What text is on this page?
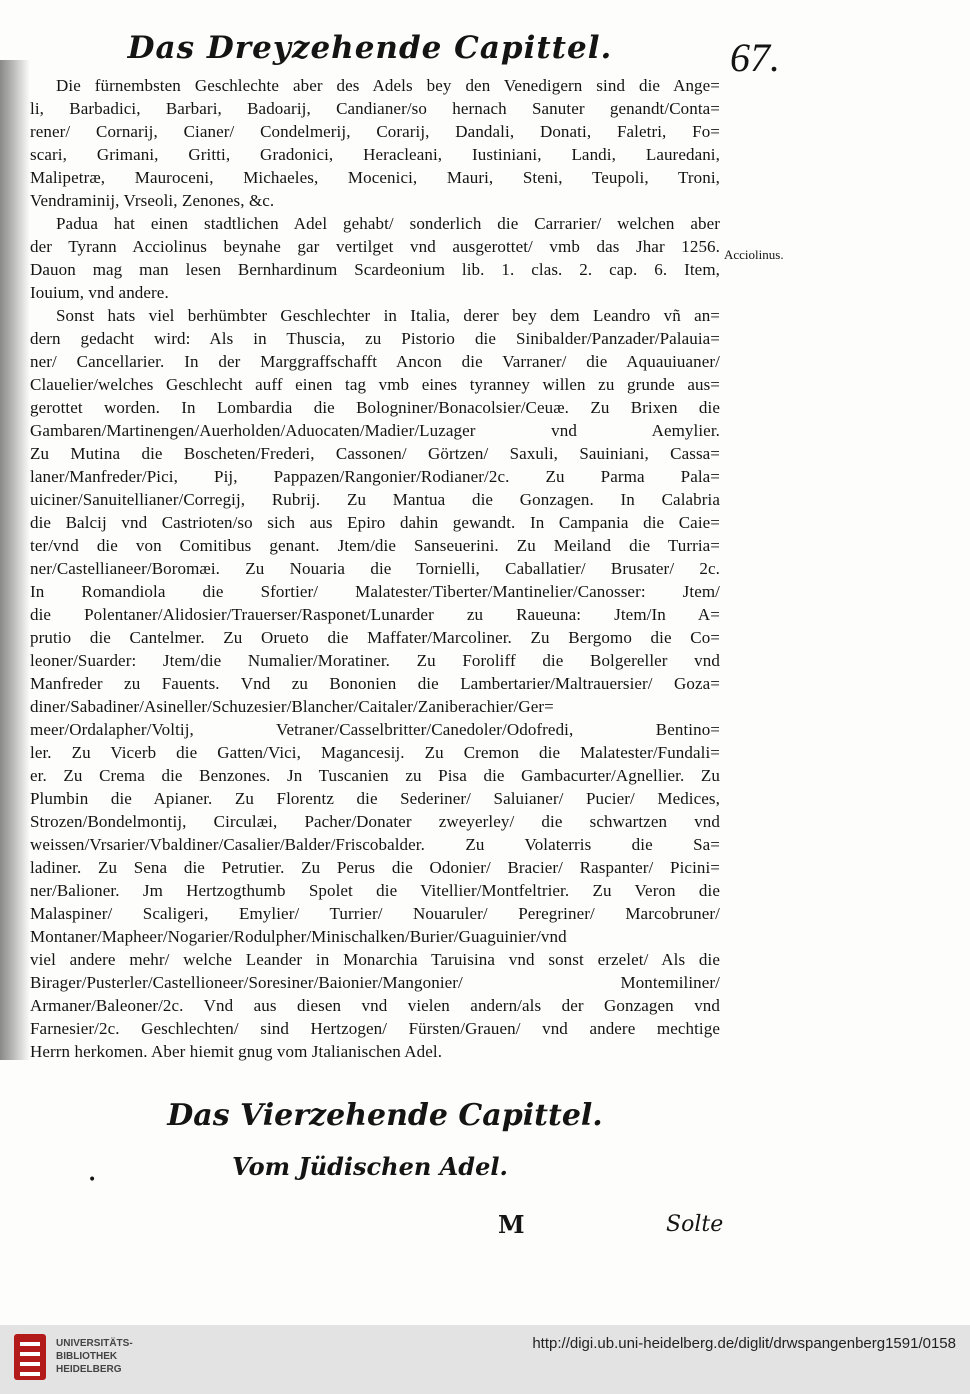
Das Dreyzehende Capittel.	67.
Die fürnembsten Geschlechte aber des Adels bey den Venedigern sind die Ange=
li, Barbadici, Barbari, Badoarij, Candianer/so hernach Sanuter genandt/Conta=
rener/ Cornarij, Cianer/ Condelmerij, Corarij, Dandali, Donati, Faletri, Fo=
scari, Grimani, Gritti, Gradonici, Heracleani, Iustiniani, Landi, Lauredani,
Malipetræ, Mauroceni, Michaeles, Mocenici, Mauri, Steni, Teupoli, Troni,
Vendraminij, Vrseoli, Zenones, &c.
Padua hat einen stadtlichen Adel gehabt/ sonderlich die Carrarier/ welchen aber
der Tyrann Acciolinus beynahe gar vertilget vnd ausgerottet/ vmb das Jhar 1256.
Dauon mag man lesen Bernhardinum Scardeonium lib. 1. clas. 2. cap. 6. Item,
Iouium, vnd andere.
Sonst hats viel berhümbter Geschlechter in Italia, derer bey dem Leandro vñ an=
dern gedacht wird: Als in Thuscia, zu Pistorio die Sinibalder/Panzader/Palauia=
ner/ Cancellarier. In der Marggraffschafft Ancon die Varraner/ die Aquauiuaner/
Clauelier/welches Geschlecht auff einen tag vmb eines tyranney willen zu grunde aus=
gerottet worden. In Lombardia die Bologniner/Bonacolsier/Ceuæ. Zu Brixen die
Gambaren/Martinengen/Auerholden/Aduocaten/Madier/Luzager vnd Aemylier.
Zu Mutina die Boscheten/Frederi, Cassonen/ Görtzen/ Saxuli, Sauiniani, Cassa=
laner/Manfreder/Pici, Pij, Pappazen/Rangonier/Rodianer/2c. Zu Parma Pala=
uiciner/Sanuitellianer/Corregij, Rubrij. Zu Mantua die Gonzagen. In Calabria
die Balcij vnd Castrioten/so sich aus Epiro dahin gewandt. In Campania die Caie=
ter/vnd die von Comitibus genant. Jtem/die Sanseuerini. Zu Meiland die Turria=
ner/Castellianeer/Boromæi. Zu Nouaria die Tornielli, Caballatier/ Brusater/ 2c.
In Romandiola die Sfortier/ Malatester/Tiberter/Mantinelier/Canosser: Jtem/
die Polentaner/Alidosier/Trauerser/Rasponet/Lunarder zu Raueuna: Jtem/In A=
prutio die Cantelmer. Zu Orueto die Maffater/Marcoliner. Zu Bergomo die Co=
leoner/Suarder: Jtem/die Numalier/Moratiner. Zu Foroliff die Bolgereller vnd
Manfreder zu Fauents. Vnd zu Bononien die Lambertarier/Maltrauersier/ Goza=
diner/Sabadiner/Asineller/Schuzesier/Blancher/Caitaler/Zaniberachier/Ger=
meer/Ordalapher/Voltij, Vetraner/Casselbritter/Canedoler/Odofredi, Bentino=
ler. Zu Vicerb die Gatten/Vici, Magancesij. Zu Cremon die Malatester/Fundali=
er. Zu Crema die Benzones. Jn Tuscanien zu Pisa die Gambacurter/Agnellier. Zu
Plumbin die Apianer. Zu Florentz die Sederiner/ Saluianer/ Pucier/ Medices,
Strozen/Bondelmontij, Circulæi, Pacher/Donater zweyerley/ die schwartzen vnd
weissen/Vrsarier/Vbaldiner/Casalier/Balder/Friscobalder. Zu Volaterris die Sa=
ladiner. Zu Sena die Petrutier. Zu Perus die Odonier/ Bracier/ Raspanter/ Picini=
ner/Balioner. Jm Hertzogthumb Spolet die Vitellier/Montfeltrier. Zu Veron die
Malaspiner/ Scaligeri, Emylier/ Turrier/ Nouaruler/ Peregriner/ Marcobruner/
Montaner/Mapheer/Nogarier/Rodulpher/Minischalken/Burier/Guaguinier/vnd
viel andere mehr/ welche Leander in Monarchia Taruisina vnd sonst erzelet/ Als die
Birager/Pusterler/Castellioneer/Soresiner/Baionier/Mangonier/ Montemiliner/
Armaner/Baleoner/2c. Vnd aus diesen vnd vielen andern/als der Gonzagen vnd
Farnesier/2c. Geschlechten/ sind Hertzogen/ Fürsten/Grauen/ vnd andere mechtige
Herrn herkomen. Aber hiemit gnug vom Jtalianischen Adel.
Acciolinus.
Das Vierzehende Capittel.
Vom Jüdischen Adel.
•
M	Solte
UNIVERSITÄTS-
BIBLIOTHEK
HEIDELBERG
http://digi.ub.uni-heidelberg.de/diglit/drwspangenberg1591/0158
